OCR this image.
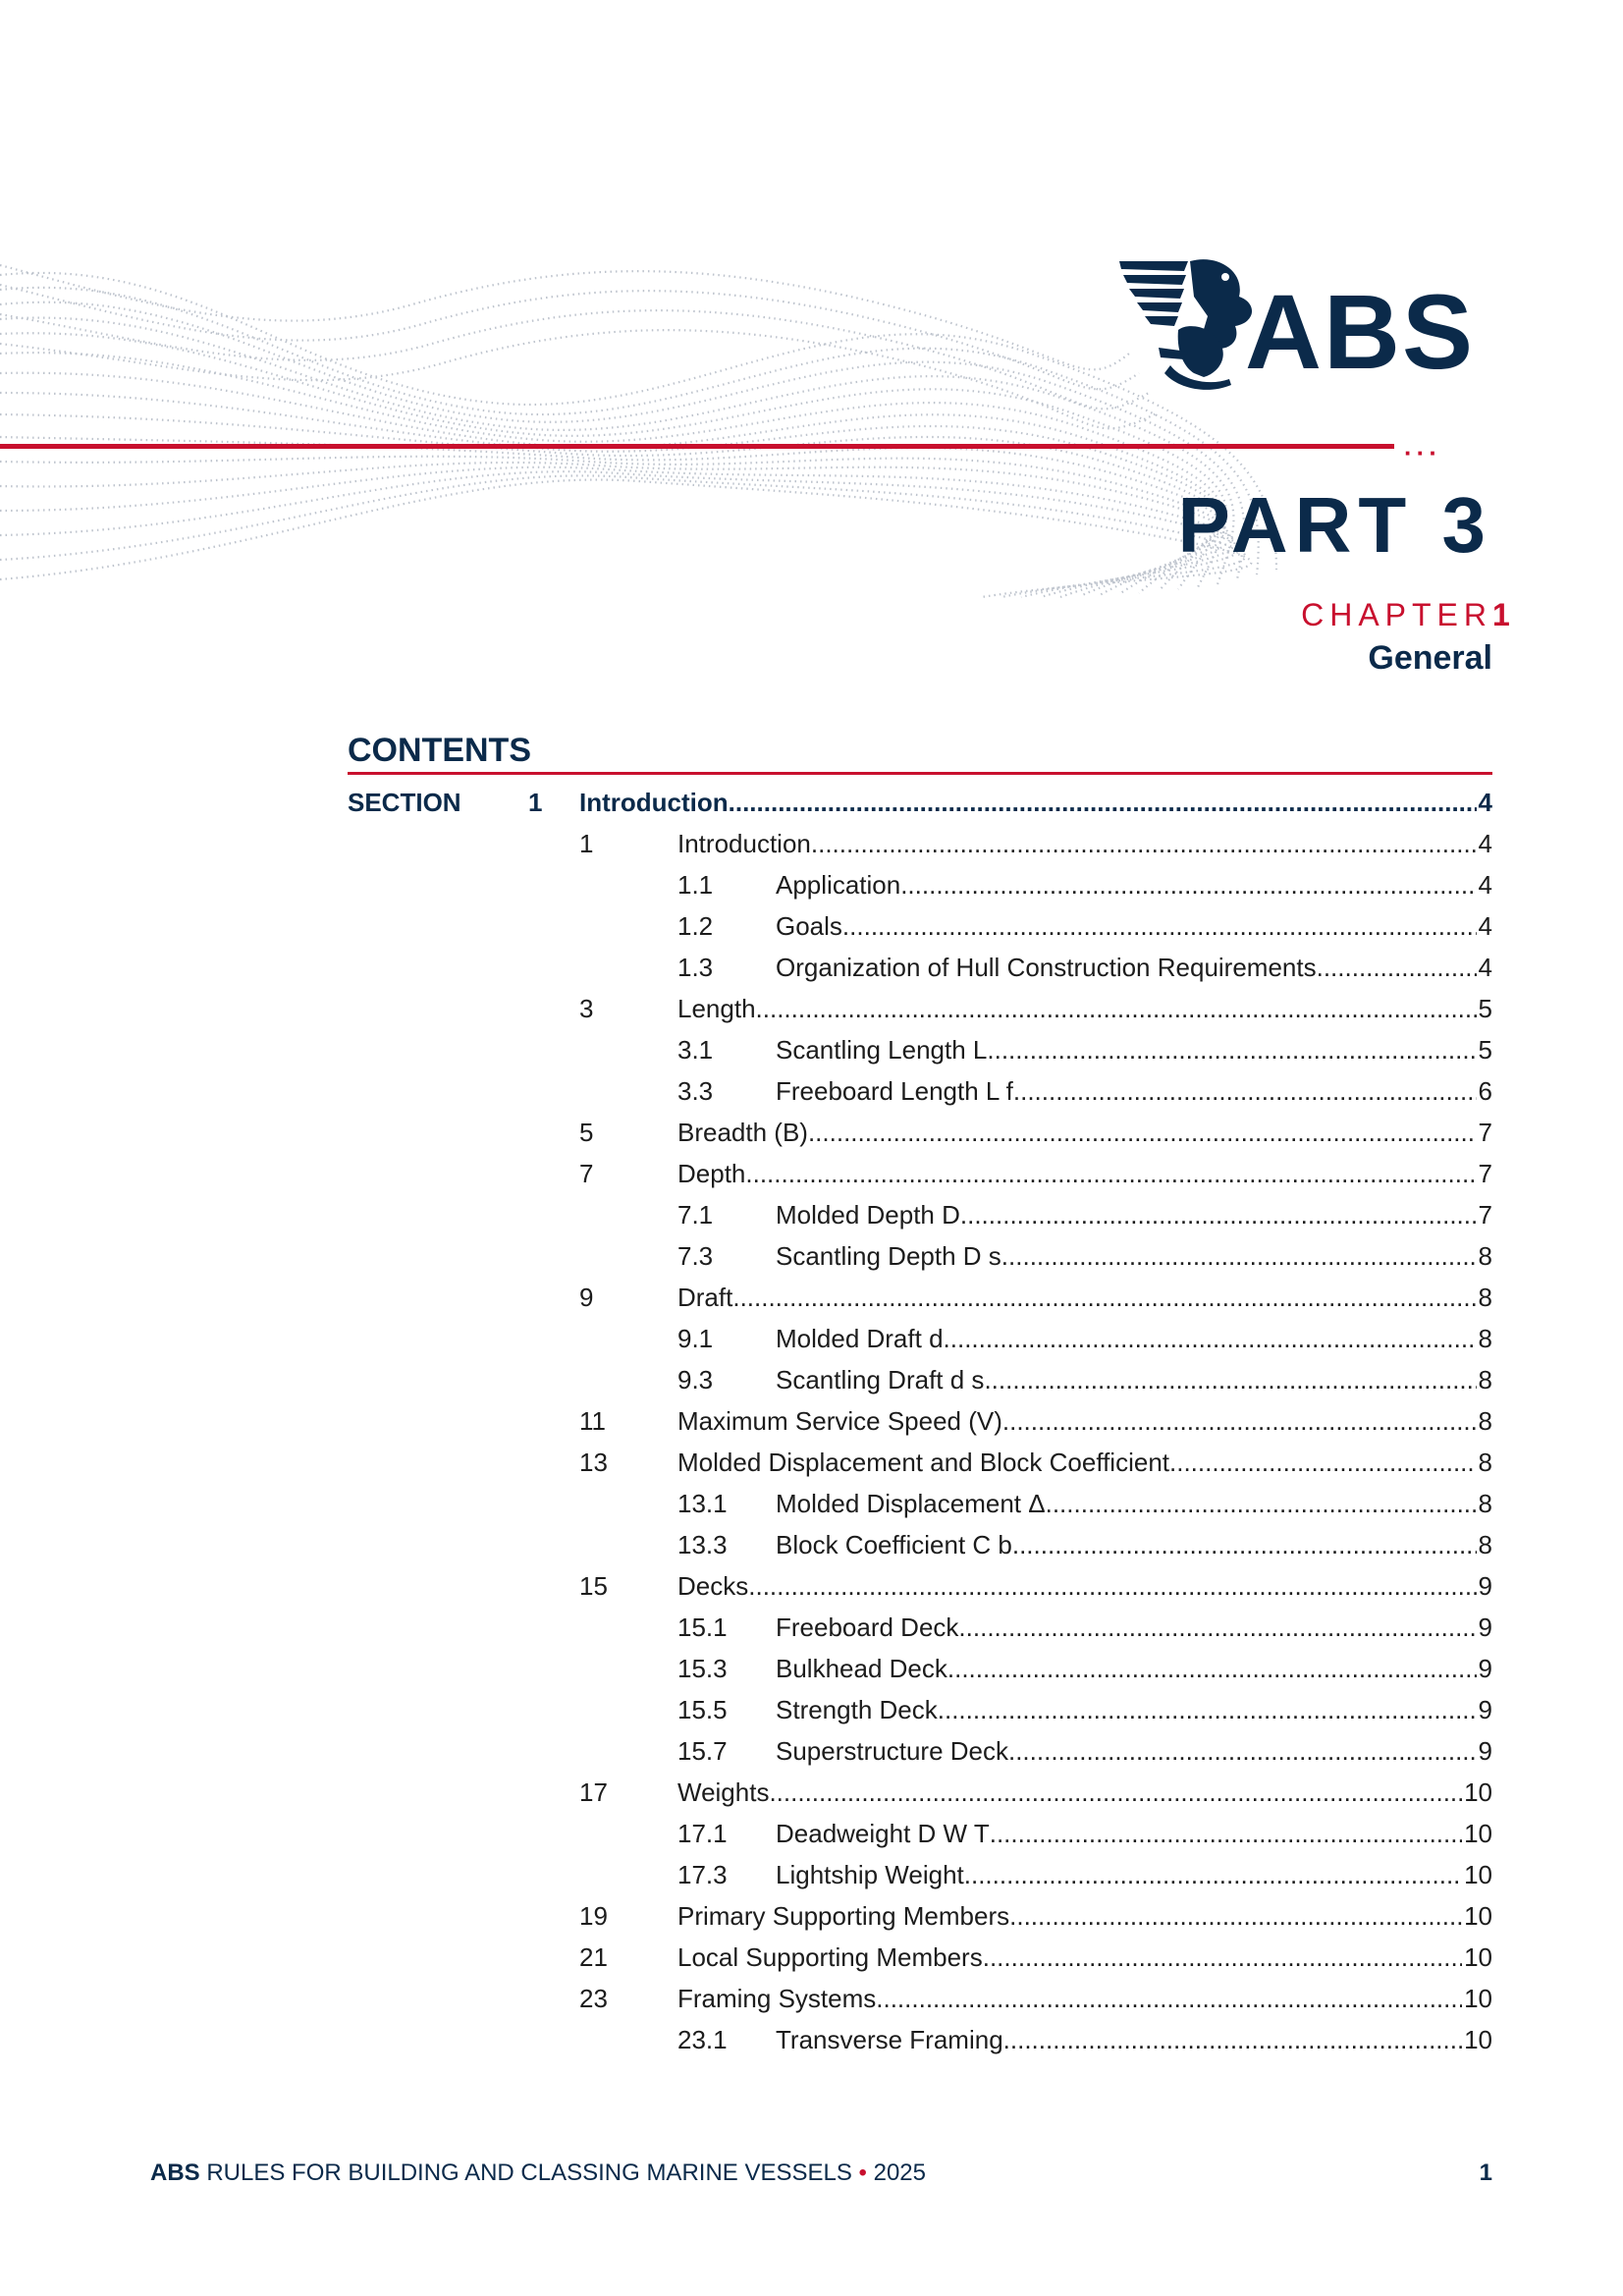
···
ABS
PART 3
CHAPTER 1
General
CONTENTS
SECTION	1 Introduction .....	4
1	Introduction .....	4
1.1 Application .....	4
1.2 Goals .....	4
1.3 Organization of Hull Construction Requirements .....	4
3	Length .....	5
3.1 Scantling Length L .....	5
3.3 Freeboard Length L f .....	6
5	Breadth (B) .....	7
7	Depth .....	7
7.1 Molded Depth D .....	7
7.3 Scantling Depth D s .....	8
9	Draft .....	8
9.1 Molded Draft d .....	8
9.3 Scantling Draft d s .....	8
11	Maximum Service Speed (V) .....	8
13	Molded Displacement and Block Coefficient .....	8
13.1 Molded Displacement Δ .....	8
13.3 Block Coefficient C b .....	8
15	Decks .....	9
15.1 Freeboard Deck .....	9
15.3 Bulkhead Deck .....	9
15.5 Strength Deck .....	9
15.7 Superstructure Deck .....	9
17	Weights .....	10
17.1 Deadweight D W T .....	10
17.3 Lightship Weight .....	10
19	Primary Supporting Members .....	10
21	Local Supporting Members .....	10
23	Framing Systems .....	10
23.1 Transverse Framing .....	10
ABS RULES FOR BUILDING AND CLASSING MARINE VESSELS • 2025	1
